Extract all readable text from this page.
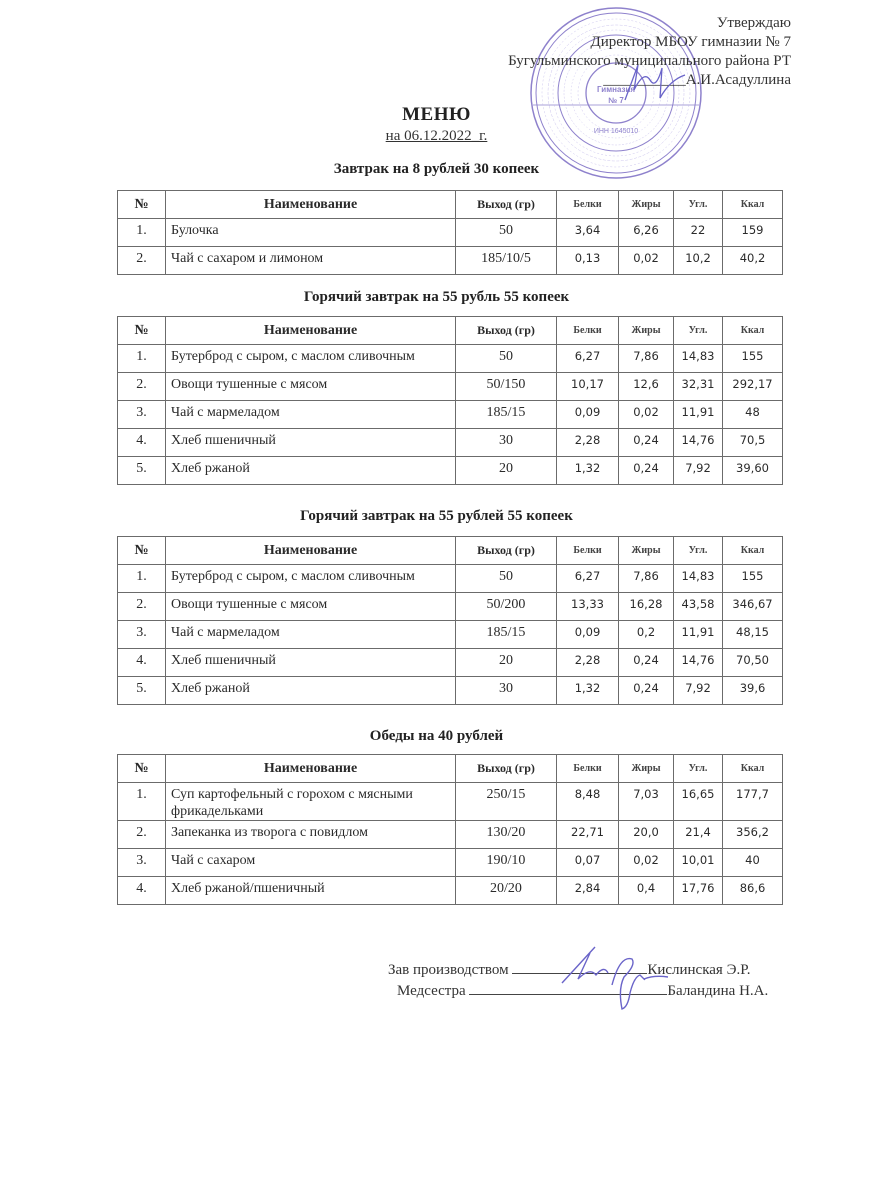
Утверждаю
Директор МБОУ гимназии № 7
Бугульминского муниципального района РТ
___________А.И.Асадуллина
Гимназия
№ 7
ИНН 1645010
МЕНЮ
на 06.12.2022_г.
Завтрак на 8 рублей 30 копеек
№	Наименование	Выход (гр)	Белки	Жиры	Угл.	Ккал
1.	Булочка	50	3,64	6,26	22	159
2.	Чай с сахаром и лимоном	185/10/5	0,13	0,02	10,2	40,2
Горячий завтрак на 55 рубль 55 копеек
№	Наименование	Выход (гр)	Белки	Жиры	Угл.	Ккал
1.	Бутерброд с сыром, с маслом сливочным	50	6,27	7,86	14,83	155
2.	Овощи тушенные с мясом	50/150	10,17	12,6	32,31	292,17
3.	Чай с мармеладом	185/15	0,09	0,02	11,91	48
4.	Хлеб пшеничный	30	2,28	0,24	14,76	70,5
5.	Хлеб ржаной	20	1,32	0,24	7,92	39,60
Горячий завтрак на 55 рублей 55 копеек
№	Наименование	Выход (гр)	Белки	Жиры	Угл.	Ккал
1.	Бутерброд с сыром, с маслом сливочным	50	6,27	7,86	14,83	155
2.	Овощи тушенные с мясом	50/200	13,33	16,28	43,58	346,67
3.	Чай с мармеладом	185/15	0,09	0,2	11,91	48,15
4.	Хлеб пшеничный	20	2,28	0,24	14,76	70,50
5.	Хлеб ржаной	30	1,32	0,24	7,92	39,6
Обеды на 40 рублей
№	Наименование	Выход (гр)	Белки	Жиры	Угл.	Ккал
1.	Суп картофельный с горохом с мясными фрикадельками	250/15	8,48	7,03	16,65	177,7
2.	Запеканка из творога с повидлом	130/20	22,71	20,0	21,4	356,2
3.	Чай с сахаром	190/10	0,07	0,02	10,01	40
4.	Хлеб ржаной/пшеничный	20/20	2,84	0,4	17,76	86,6
Зав производством	Кислинская Э.Р.
Медсестра	Баландина Н.А.
